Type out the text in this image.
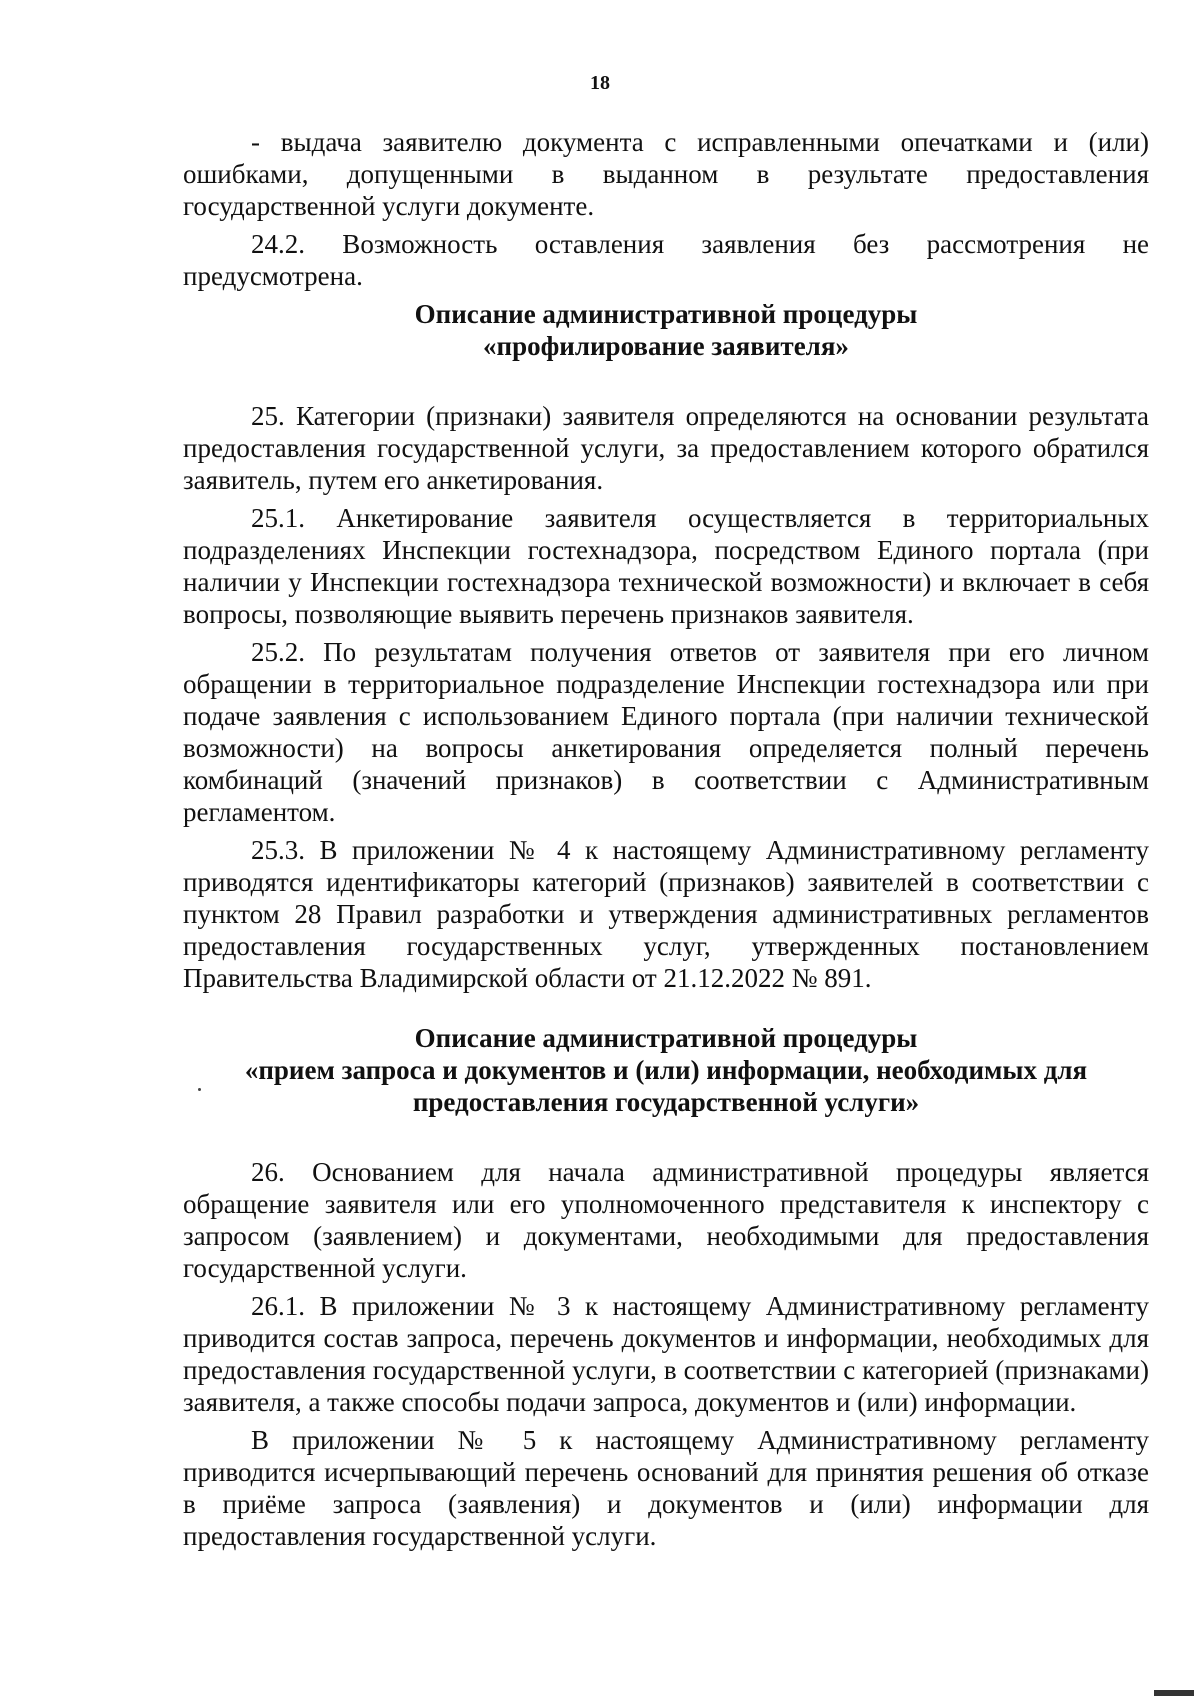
18

- выдача заявителю документа с исправленными опечатками и (или) ошибками, допущенными в выданном в результате предоставления государственной услуги документе.

24.2. Возможность оставления заявления без рассмотрения не предусмотрена.

Описание административной процедуры
«профилирование заявителя»

25. Категории (признаки) заявителя определяются на основании результата предоставления государственной услуги, за предоставлением которого обратился заявитель, путем его анкетирования.

25.1. Анкетирование заявителя осуществляется в территориальных подразделениях Инспекции гостехнадзора, посредством Единого портала (при наличии у Инспекции гостехнадзора технической возможности) и включает в себя вопросы, позволяющие выявить перечень признаков заявителя.

25.2. По результатам получения ответов от заявителя при его личном обращении в территориальное подразделение Инспекции гостехнадзора или при подаче заявления с использованием Единого портала (при наличии технической возможности) на вопросы анкетирования определяется полный перечень комбинаций (значений признаков) в соответствии с Административным регламентом.

25.3. В приложении № 4 к настоящему Административному регламенту приводятся идентификаторы категорий (признаков) заявителей в соответствии с пунктом 28 Правил разработки и утверждения административных регламентов предоставления государственных услуг, утвержденных постановлением Правительства Владимирской области от 21.12.2022 № 891.

Описание административной процедуры
«прием запроса и документов и (или) информации, необходимых для
предоставления государственной услуги»

26. Основанием для начала административной процедуры является обращение заявителя или его уполномоченного представителя к инспектору с запросом (заявлением) и документами, необходимыми для предоставления государственной услуги.

26.1. В приложении № 3 к настоящему Административному регламенту приводится состав запроса, перечень документов и информации, необходимых для предоставления государственной услуги, в соответствии с категорией (признаками) заявителя, а также способы подачи запроса, документов и (или) информации.

В приложении № 5 к настоящему Административному регламенту приводится исчерпывающий перечень оснований для принятия решения об отказе в приёме запроса (заявления) и документов и (или) информации для предоставления государственной услуги.
